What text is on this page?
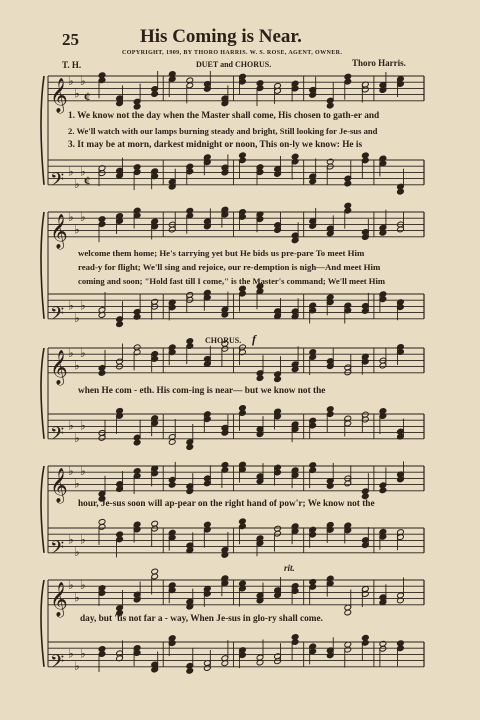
25	His Coming is Near.
COPYRIGHT, 1909, BY THORO HARRIS. W. S. ROSE, AGENT, OWNER.
T. H.	DUET and CHORUS.	Thoro Harris.
𝄞 ♭
♭
♭
𝄢 ♭
♭
♭
¢
¢
𝄞 ♭
♭
♭
𝄢 ♭
♭
♭
𝄞 ♭
♭
♭
𝄢 ♭
♭
♭
𝄞 ♭
♭
♭
𝄢 ♭
♭
♭
𝄞 ♭
♭
♭
𝄢 ♭
♭
♭
1. We know not the day when the Master shall come, His chosen to gath-er and
2. We'll watch with our lamps burning steady and bright, Still looking for Je-sus and
3. It may be at morn, darkest midnight or noon, This on-ly we know: He is
welcome them home; He's tarrying yet but He bids us pre-pare To meet Him
read-y for flight; We'll sing and rejoice, our re-demption is nigh—And meet Him
coming and soon; "Hold fast till I come," is the Master's command; We'll meet Him
CHORUS. f
when He com - eth. His com-ing is near— but we know not the
hour, Je-sus soon will ap-pear on the right hand of pow'r; We know not the
day, but 'tis not far a - way, When Je-sus in glo-ry shall come.
rit.
